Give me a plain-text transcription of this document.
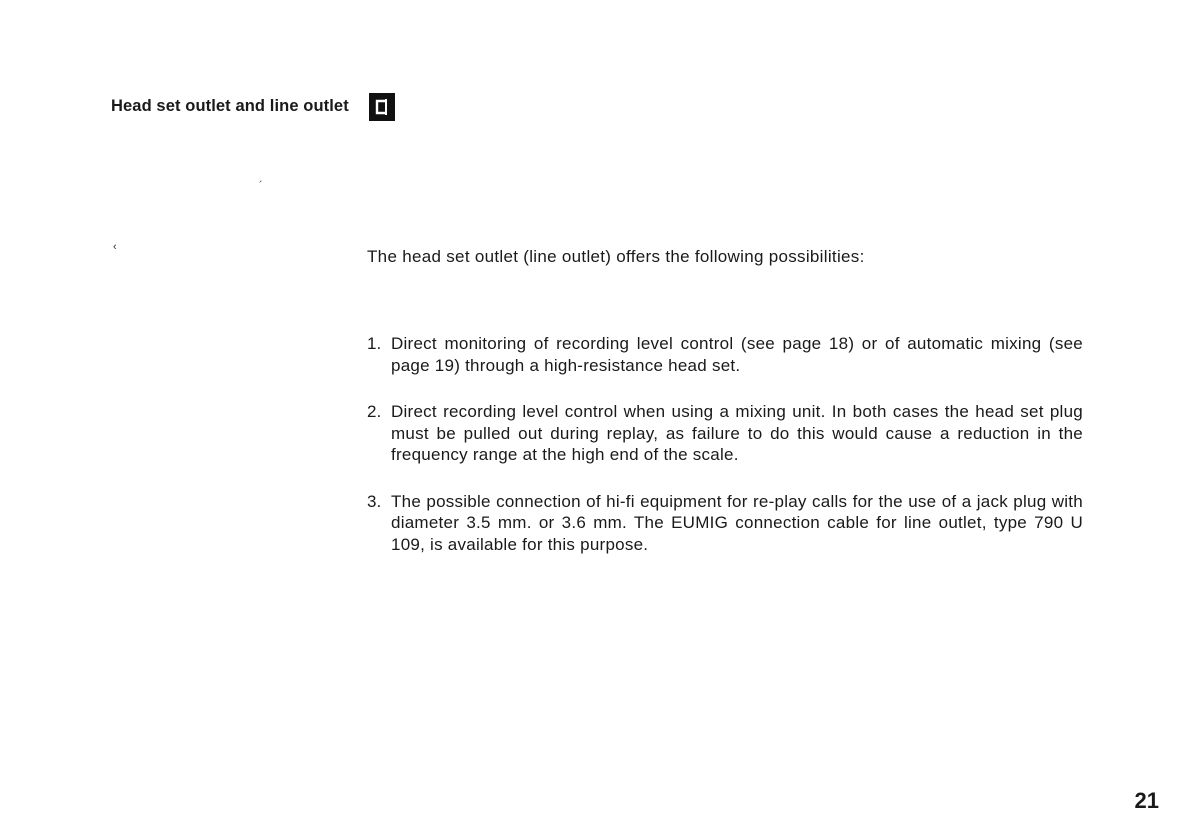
Head set outlet and line outlet
´
‹	The head set outlet (line outlet) offers the following possibilities:
1. Direct monitoring of recording level control (see page 18) or of automatic mixing (see page 19) through a high-resistance head set.
2. Direct recording level control when using a mixing unit. In both cases the head set plug must be pulled out during replay, as failure to do this would cause a reduction in the frequency range at the high end of the scale.
3. The possible connection of hi-fi equipment for re-play calls for the use of a jack plug with diameter 3.5 mm. or 3.6 mm. The EUMIG connection cable for line outlet, type 790 U 109, is available for this purpose.
21
